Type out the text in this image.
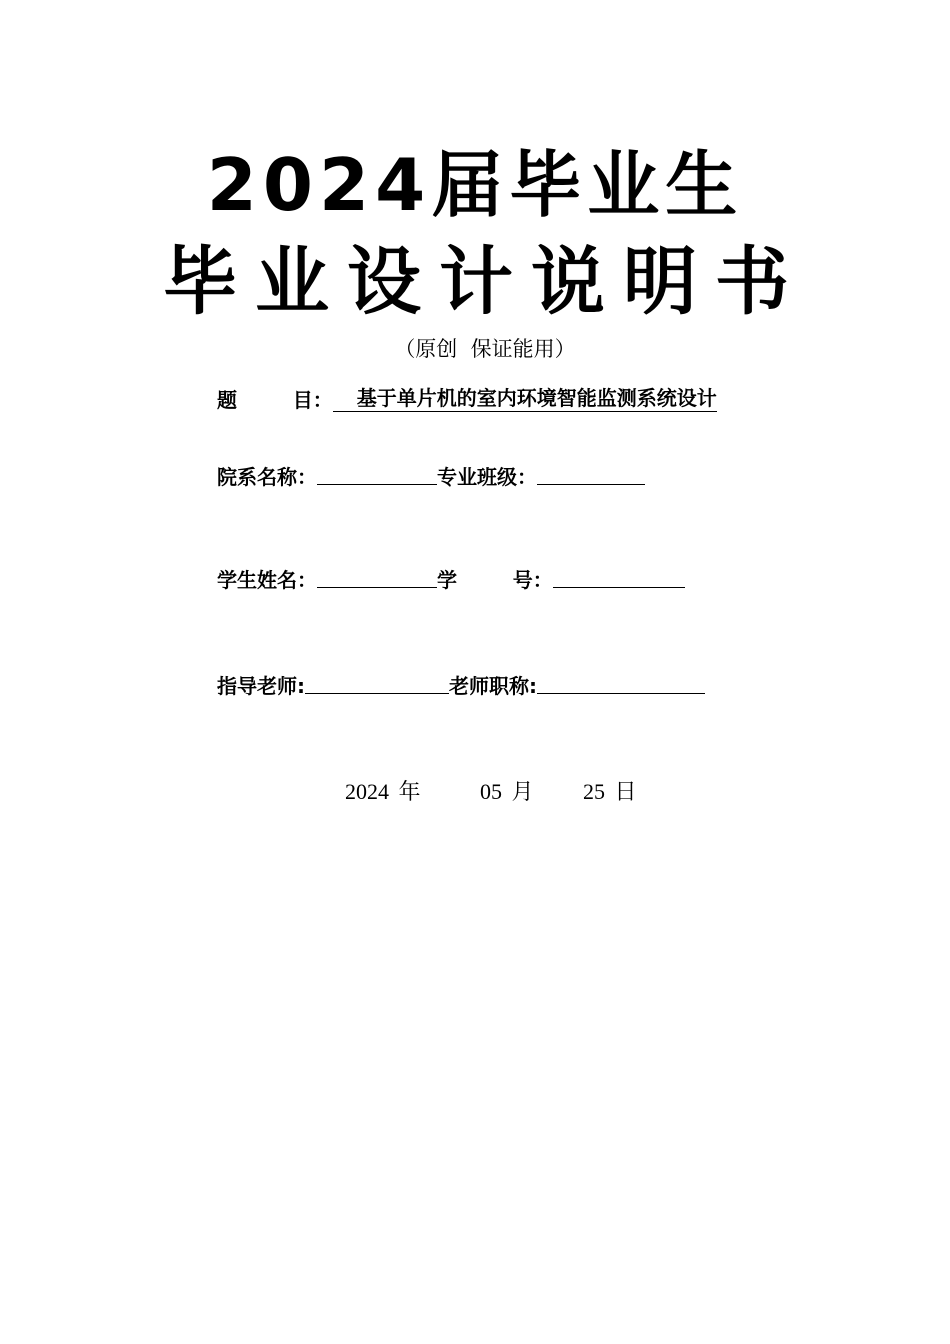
2024届毕业生
毕业设计说明书
（原创  保证能用）
题        目： 基于单片机的室内环境智能监测系统设计
院系名称：	专业班级：
学生姓名：	学        号：
指导老师:	老师职称:
2024 年	05 月 25 日
